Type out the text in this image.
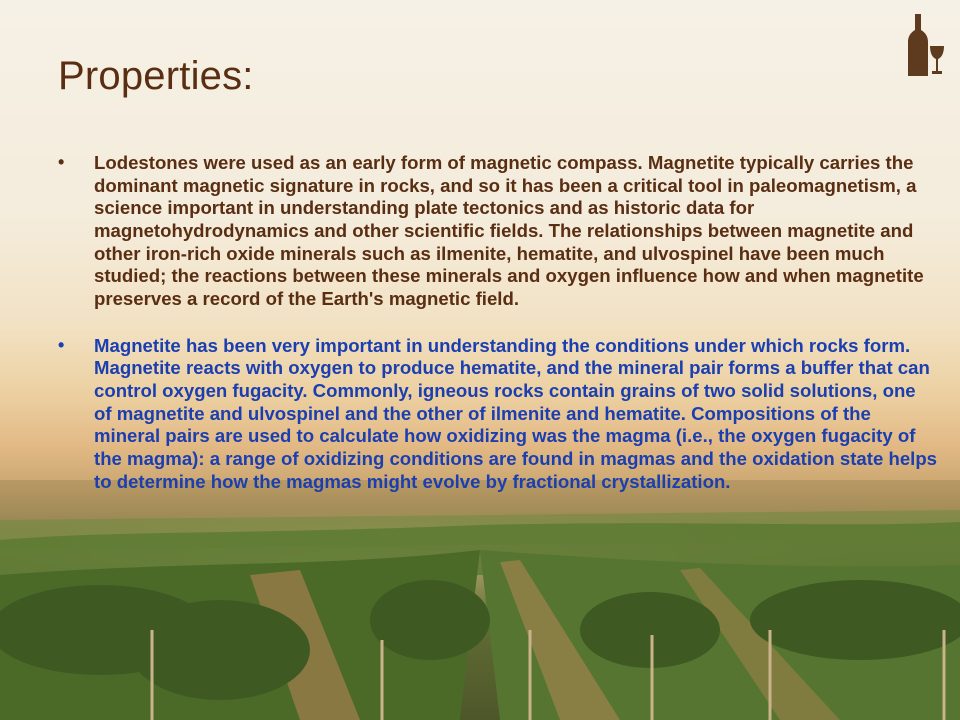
Properties:
• Lodestones were used as an early form of magnetic compass. Magnetite typically carries the dominant magnetic signature in rocks, and so it has been a critical tool in paleomagnetism, a science important in understanding plate tectonics and as historic data for magnetohydrodynamics and other scientific fields. The relationships between magnetite and other iron-rich oxide minerals such as ilmenite, hematite, and ulvospinel have been much studied; the reactions between these minerals and oxygen influence how and when magnetite preserves a record of the Earth's magnetic field.
• Magnetite has been very important in understanding the conditions under which rocks form. Magnetite reacts with oxygen to produce hematite, and the mineral pair forms a buffer that can control oxygen fugacity. Commonly, igneous rocks contain grains of two solid solutions, one of magnetite and ulvospinel and the other of ilmenite and hematite. Compositions of the mineral pairs are used to calculate how oxidizing was the magma (i.e., the oxygen fugacity of the magma): a range of oxidizing conditions are found in magmas and the oxidation state helps to determine how the magmas might evolve by fractional crystallization.
